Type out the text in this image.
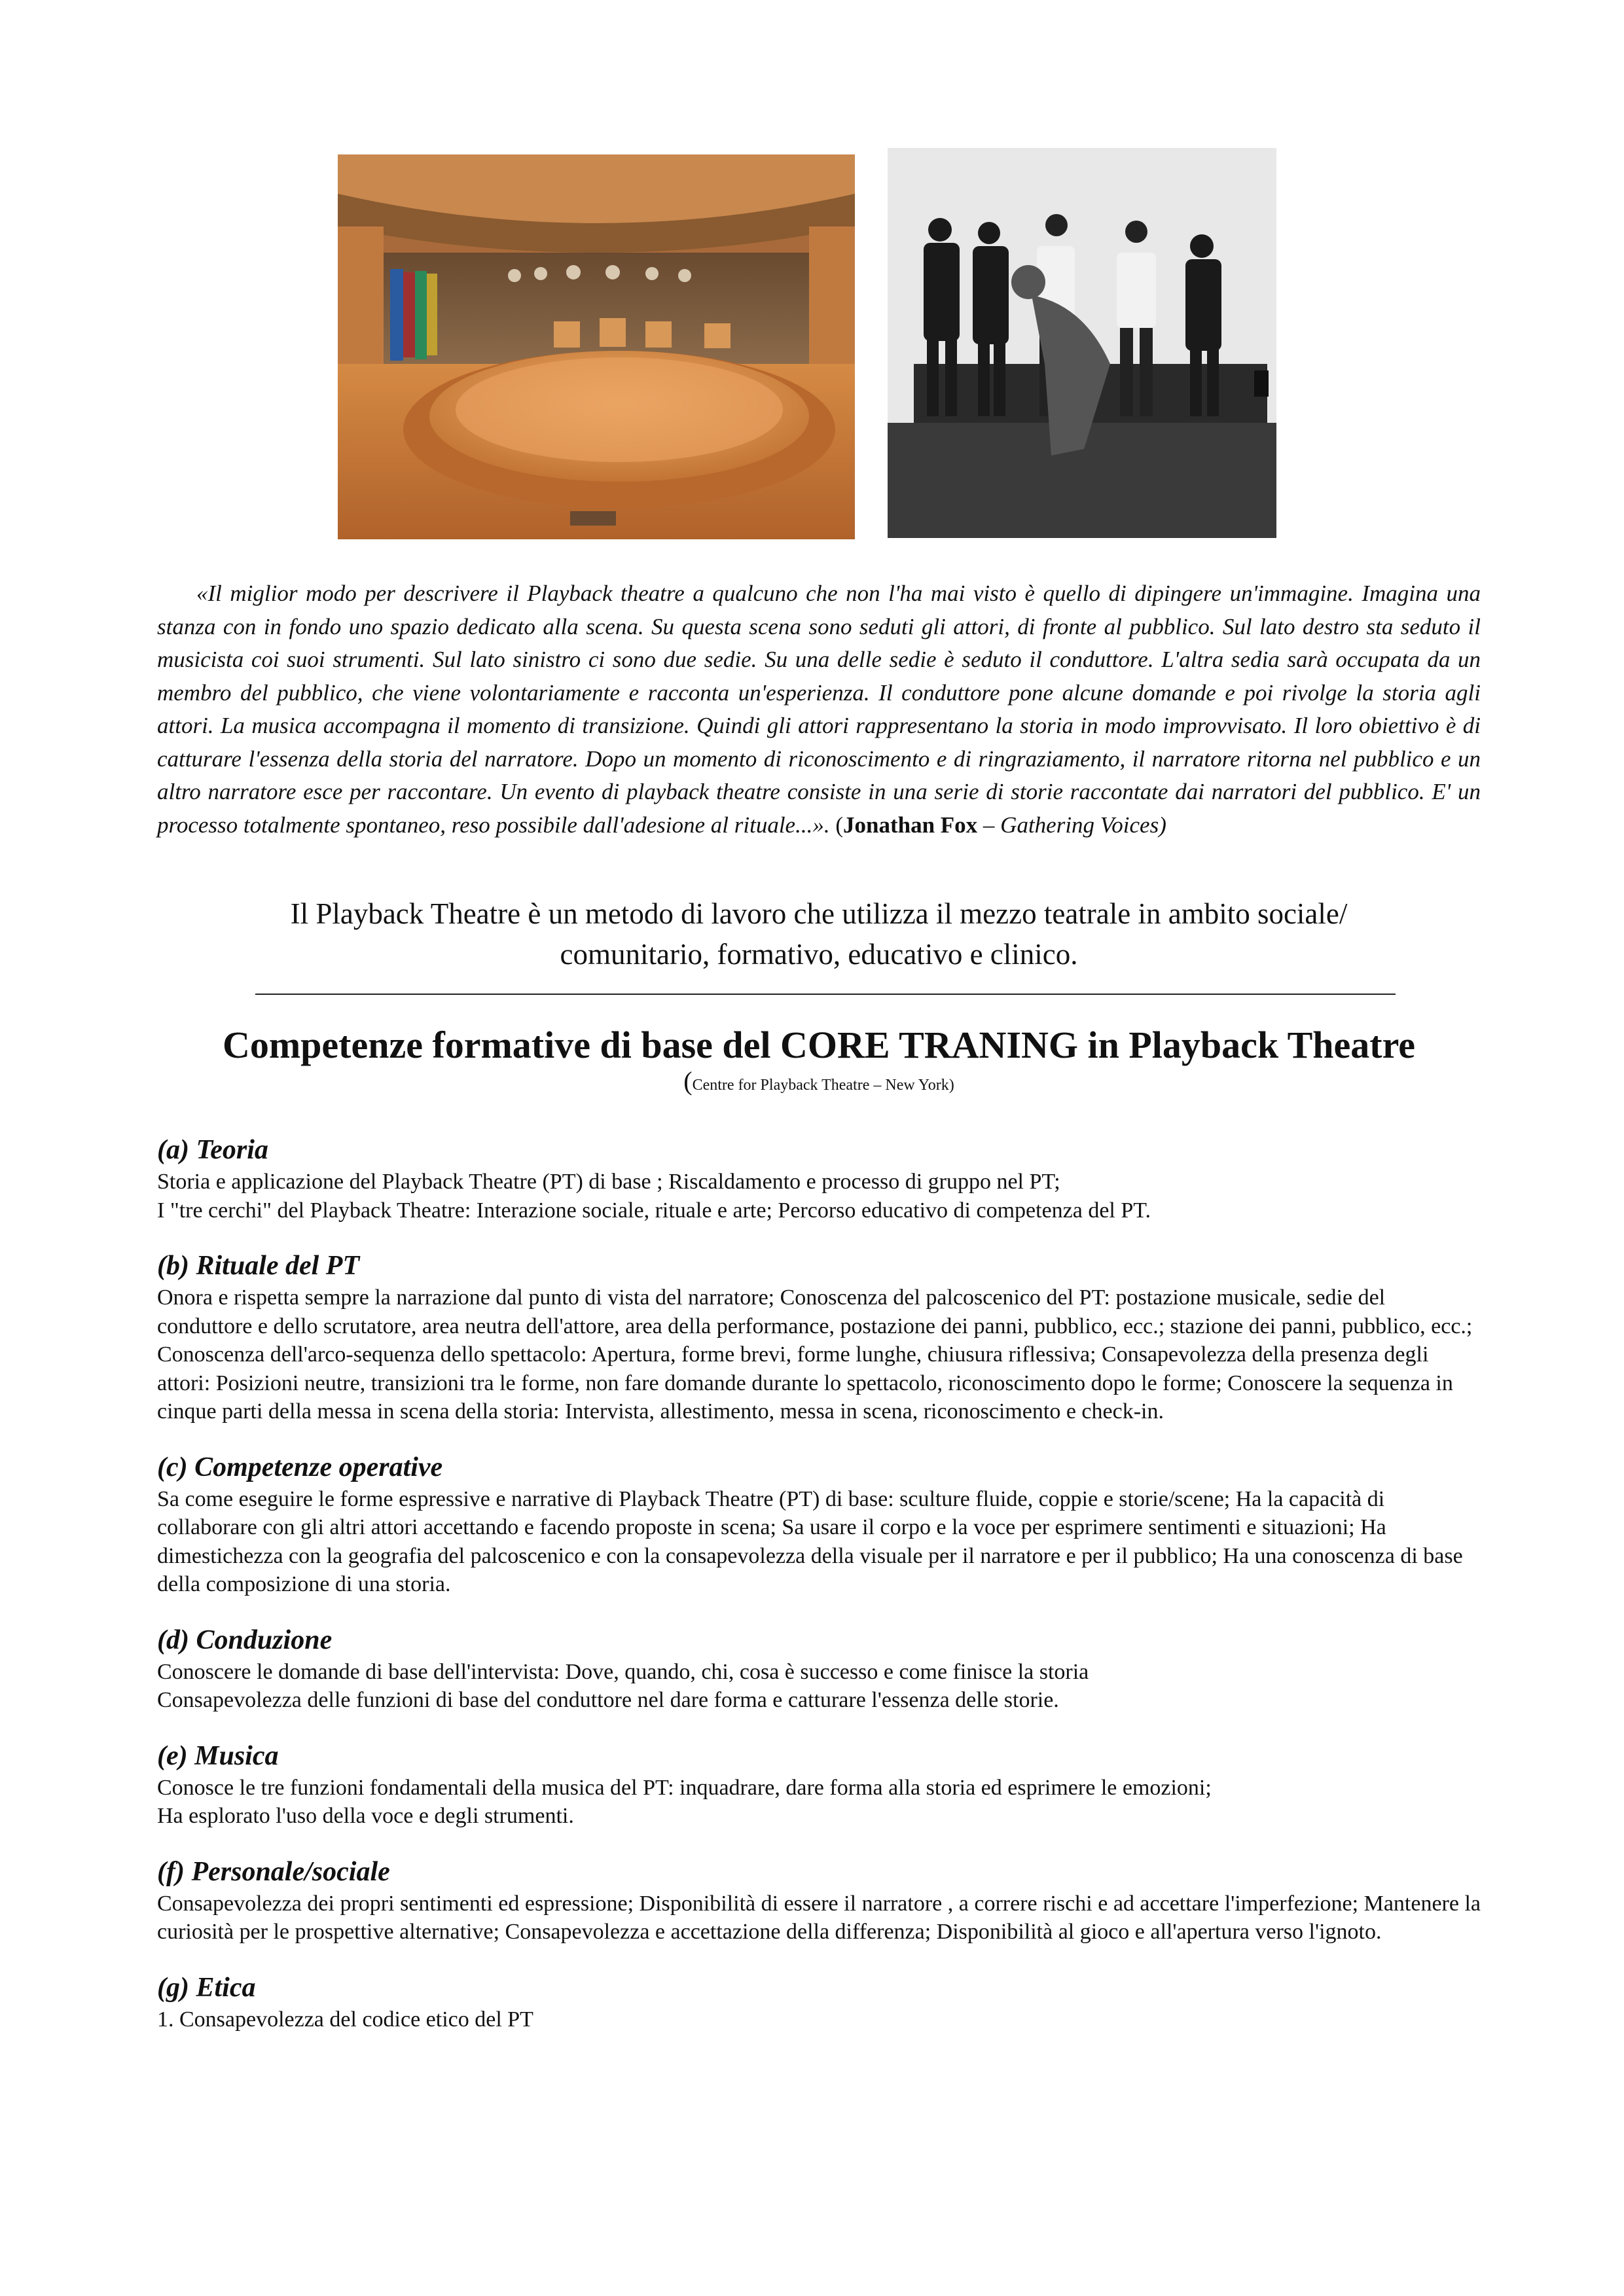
«Il miglior modo per descrivere il Playback theatre a qualcuno che non l'ha mai visto è quello di dipingere un'immagine. Imagina una stanza con in fondo uno spazio dedicato alla scena. Su questa scena sono seduti gli attori, di fronte al pubblico. Sul lato destro sta seduto il musicista coi suoi strumenti. Sul lato sinistro ci sono due sedie. Su una delle sedie è seduto il conduttore. L'altra sedia sarà occupata da un membro del pubblico, che viene volontariamente e racconta un'esperienza. Il conduttore pone alcune domande e poi rivolge la storia agli attori. La musica accompagna il momento di transizione. Quindi gli attori rappresentano la storia in modo improvvisato. Il loro obiettivo è di catturare l'essenza della storia del narratore. Dopo un momento di riconoscimento e di ringraziamento, il narratore ritorna nel pubblico e un altro narratore esce per raccontare. Un evento di playback theatre consiste in una serie di storie raccontate dai narratori del pubblico. E' un processo totalmente spontaneo, reso possibile dall'adesione al rituale...». (Jonathan Fox – Gathering Voices)
Il Playback Theatre è un metodo di lavoro che utilizza il mezzo teatrale in ambito sociale/
comunitario, formativo, educativo e clinico.
Competenze formative di base del CORE TRANING in Playback Theatre
(Centre for Playback Theatre – New York)
(a) Teoria

Storia e applicazione del Playback Theatre (PT) di base ; Riscaldamento e processo di gruppo nel PT;

I "tre cerchi" del Playback Theatre: Interazione sociale, rituale e arte; Percorso educativo di competenza del PT.

(b) Rituale del PT

Onora e rispetta sempre la narrazione dal punto di vista del narratore; Conoscenza del palcoscenico del PT: postazione musicale, sedie del conduttore e dello scrutatore, area neutra dell'attore, area della performance, postazione dei panni, pubblico, ecc.; stazione dei panni, pubblico, ecc.; Conoscenza dell'arco-sequenza dello spettacolo: Apertura, forme brevi, forme lunghe, chiusura riflessiva; Consapevolezza della presenza degli attori: Posizioni neutre, transizioni tra le forme, non fare domande durante lo spettacolo, riconoscimento dopo le forme; Conoscere la sequenza in cinque parti della messa in scena della storia: Intervista, allestimento, messa in scena, riconoscimento e check-in.

(c) Competenze operative

Sa come eseguire le forme espressive e narrative di Playback Theatre (PT) di base: sculture fluide, coppie e storie/scene; Ha la capacità di collaborare con gli altri attori accettando e facendo proposte in scena; Sa usare il corpo e la voce per esprimere sentimenti e situazioni; Ha dimestichezza con la geografia del palcoscenico e con la consapevolezza della visuale per il narratore e per il pubblico; Ha una conoscenza di base della composizione di una storia.

(d) Conduzione

Conoscere le domande di base dell'intervista: Dove, quando, chi, cosa è successo e come finisce la storia

Consapevolezza delle funzioni di base del conduttore nel dare forma e catturare l'essenza delle storie.

(e) Musica

Conosce le tre funzioni fondamentali della musica del PT: inquadrare, dare forma alla storia ed esprimere le emozioni;

Ha esplorato l'uso della voce e degli strumenti.

(f) Personale/sociale

Consapevolezza dei propri sentimenti ed espressione; Disponibilità di essere il narratore , a correre rischi e ad accettare l'imperfezione; Mantenere la curiosità per le prospettive alternative; Consapevolezza e accettazione della differenza; Disponibilità al gioco e all'apertura verso l'ignoto.

(g) Etica

1. Consapevolezza del codice etico del PT
